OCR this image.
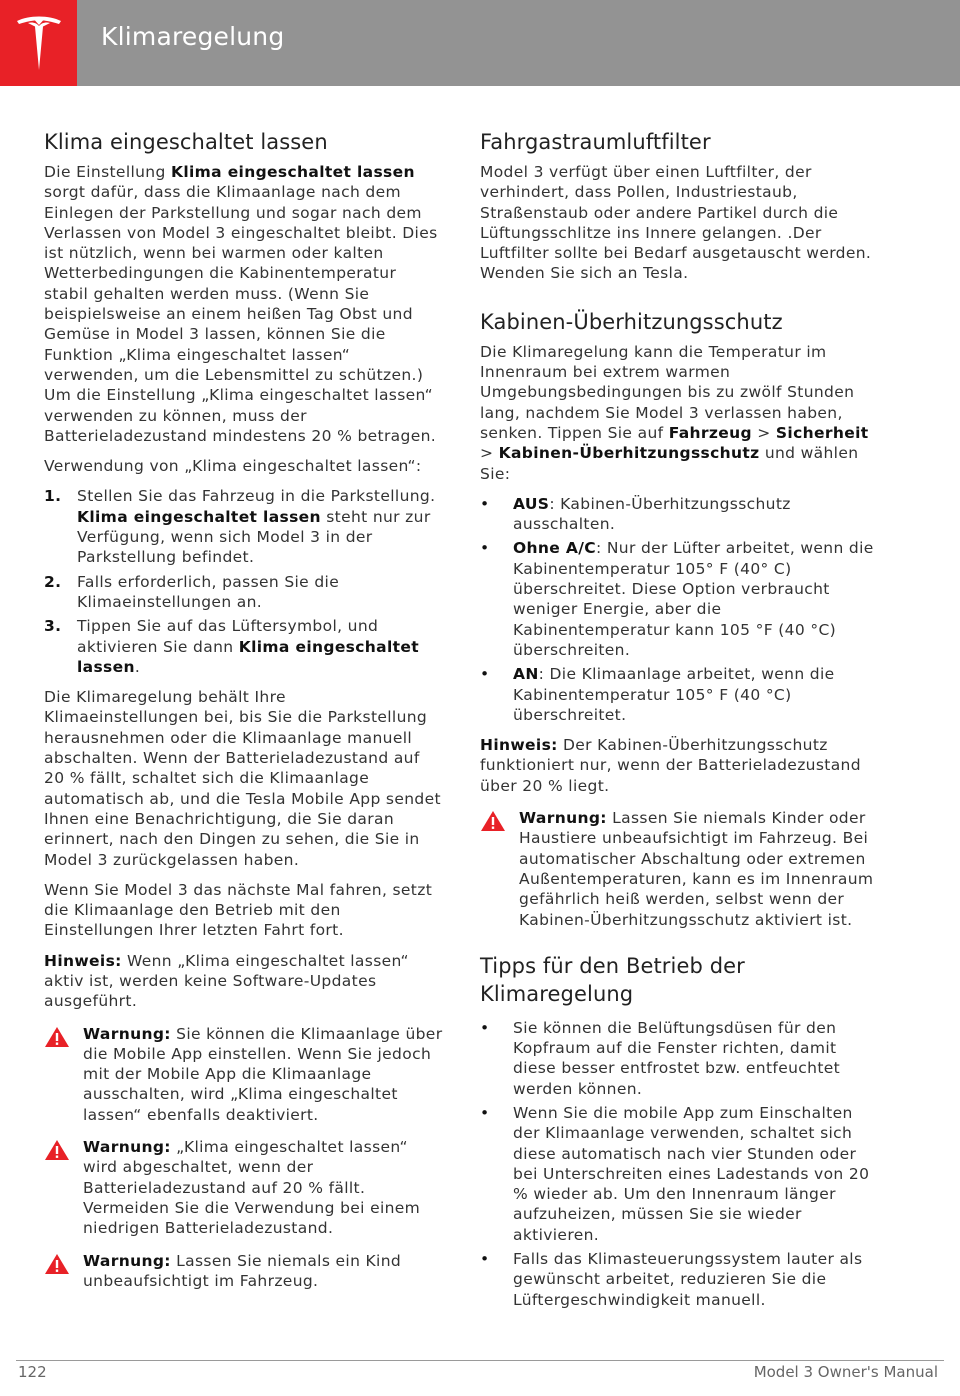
Klimaregelung
Klima eingeschaltet lassen

Die Einstellung Klima eingeschaltet lassen sorgt dafür, dass die Klimaanlage nach dem Einlegen der Parkstellung und sogar nach dem Verlassen von Model 3 eingeschaltet bleibt. Dies ist nützlich, wenn bei warmen oder kalten Wetterbedingungen die Kabinentemperatur stabil gehalten werden muss. (Wenn Sie beispielsweise an einem heißen Tag Obst und Gemüse in Model 3 lassen, können Sie die Funktion „Klima eingeschaltet lassen“ verwenden, um die Lebensmittel zu schützen.) Um die Einstellung „Klima eingeschaltet lassen“ verwenden zu können, muss der Batterieladezustand mindestens 20 % betragen.

Verwendung von „Klima eingeschaltet lassen“:

1. Stellen Sie das Fahrzeug in die Parkstellung. Klima eingeschaltet lassen steht nur zur Verfügung, wenn sich Model 3 in der Parkstellung befindet.
2. Falls erforderlich, passen Sie die Klimaeinstellungen an.
3. Tippen Sie auf das Lüftersymbol, und aktivieren Sie dann Klima eingeschaltet lassen.

Die Klimaregelung behält Ihre Klimaeinstellungen bei, bis Sie die Parkstellung herausnehmen oder die Klimaanlage manuell abschalten. Wenn der Batterieladezustand auf 20 % fällt, schaltet sich die Klimaanlage automatisch ab, und die Tesla Mobile App sendet Ihnen eine Benachrichtigung, die Sie daran erinnert, nach den Dingen zu sehen, die Sie in Model 3 zurückgelassen haben.

Wenn Sie Model 3 das nächste Mal fahren, setzt die Klimaanlage den Betrieb mit den Einstellungen Ihrer letzten Fahrt fort.

Hinweis: Wenn „Klima eingeschaltet lassen“ aktiv ist, werden keine Software-Updates ausgeführt.

Warnung: Sie können die Klimaanlage über die Mobile App einstellen. Wenn Sie jedoch mit der Mobile App die Klimaanlage ausschalten, wird „Klima eingeschaltet lassen“ ebenfalls deaktiviert.

Warnung: „Klima eingeschaltet lassen“ wird abgeschaltet, wenn der Batterieladezustand auf 20 % fällt. Vermeiden Sie die Verwendung bei einem niedrigen Batterieladezustand.

Warnung: Lassen Sie niemals ein Kind unbeaufsichtigt im Fahrzeug.

Fahrgastraumluftfilter

Model 3 verfügt über einen Luftfilter, der verhindert, dass Pollen, Industriestaub, Straßenstaub oder andere Partikel durch die Lüftungsschlitze ins Innere gelangen. .Der Luftfilter sollte bei Bedarf ausgetauscht werden. Wenden Sie sich an Tesla.

Kabinen-Überhitzungsschutz

Die Klimaregelung kann die Temperatur im Innenraum bei extrem warmen Umgebungsbedingungen bis zu zwölf Stunden lang, nachdem Sie Model 3 verlassen haben, senken. Tippen Sie auf Fahrzeug > Sicherheit > Kabinen-Überhitzungsschutz und wählen Sie:

• AUS: Kabinen-Überhitzungsschutz ausschalten.
• Ohne A/C: Nur der Lüfter arbeitet, wenn die Kabinentemperatur 105° F (40° C) überschreitet. Diese Option verbraucht weniger Energie, aber die Kabinentemperatur kann 105 °F (40 °C) überschreiten.
• AN: Die Klimaanlage arbeitet, wenn die Kabinentemperatur 105° F (40 °C) überschreitet.

Hinweis: Der Kabinen-Überhitzungsschutz funktioniert nur, wenn der Batterieladezustand über 20 % liegt.

Warnung: Lassen Sie niemals Kinder oder Haustiere unbeaufsichtigt im Fahrzeug. Bei automatischer Abschaltung oder extremen Außentemperaturen, kann es im Innenraum gefährlich heiß werden, selbst wenn der Kabinen-Überhitzungsschutz aktiviert ist.

Tipps für den Betrieb der Klimaregelung
• Sie können die Belüftungsdüsen für den Kopfraum auf die Fenster richten, damit diese besser entfrostet bzw. entfeuchtet werden können.
• Wenn Sie die mobile App zum Einschalten der Klimaanlage verwenden, schaltet sich diese automatisch nach vier Stunden oder bei Unterschreiten eines Ladestands von 20 % wieder ab. Um den Innenraum länger aufzuheizen, müssen Sie sie wieder aktivieren.
• Falls das Klimasteuerungssystem lauter als gewünscht arbeitet, reduzieren Sie die Lüftergeschwindigkeit manuell.
122	Model 3 Owner's Manual
